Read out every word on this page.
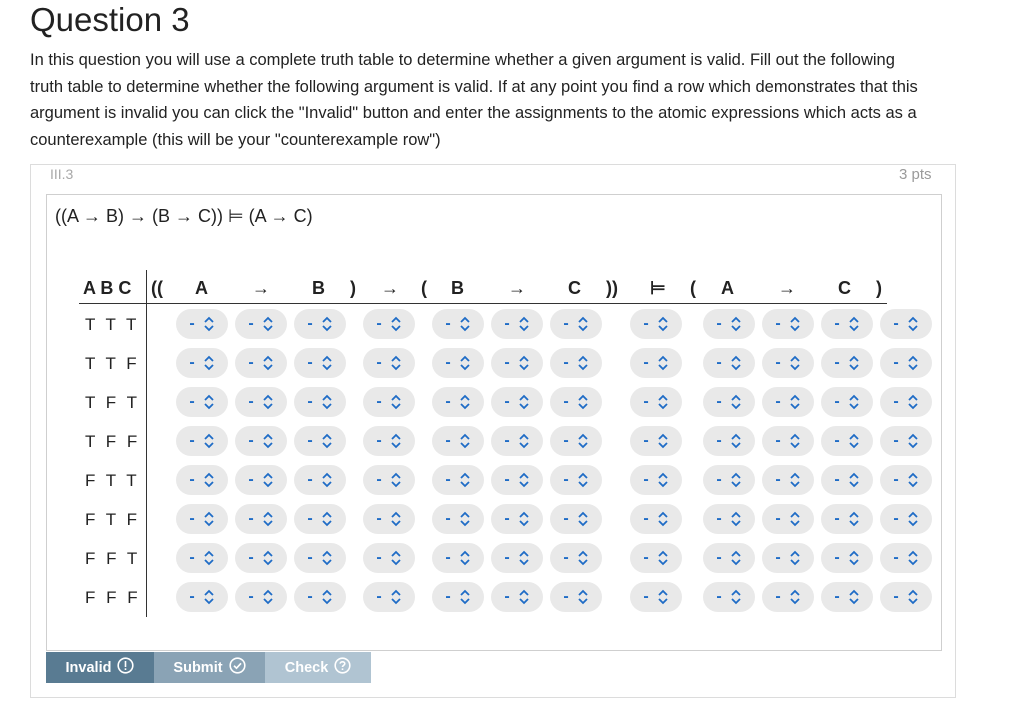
Question 3

In this question you will use a complete truth table to determine whether a given argument is valid. Fill out the following truth table to determine whether the following argument is valid. If at any point you find a row which demonstrates that this argument is invalid you can click the "Invalid" button and enter the assignments to the atomic expressions which acts as a counterexample (this will be your "counterexample row")

III.3	3 pts
((A → B) → (B → C)) ⊨ (A → C)
A B C (( A → B ) → ( B → C )) ⊨ ( A → C )
T T T	-	-	-	-	-	-	-	-	-	-	-	-
T T F	-	-	-	-	-	-	-	-	-	-	-	-
T F T	-	-	-	-	-	-	-	-	-	-	-	-
T F F	-	-	-	-	-	-	-	-	-	-	-	-
F T T	-	-	-	-	-	-	-	-	-	-	-	-
F T F	-	-	-	-	-	-	-	-	-	-	-	-
F F T	-	-	-	-	-	-	-	-	-	-	-	-
F F F	-	-	-	-	-	-	-	-	-	-	-	-
Invalid	Submit	Check
